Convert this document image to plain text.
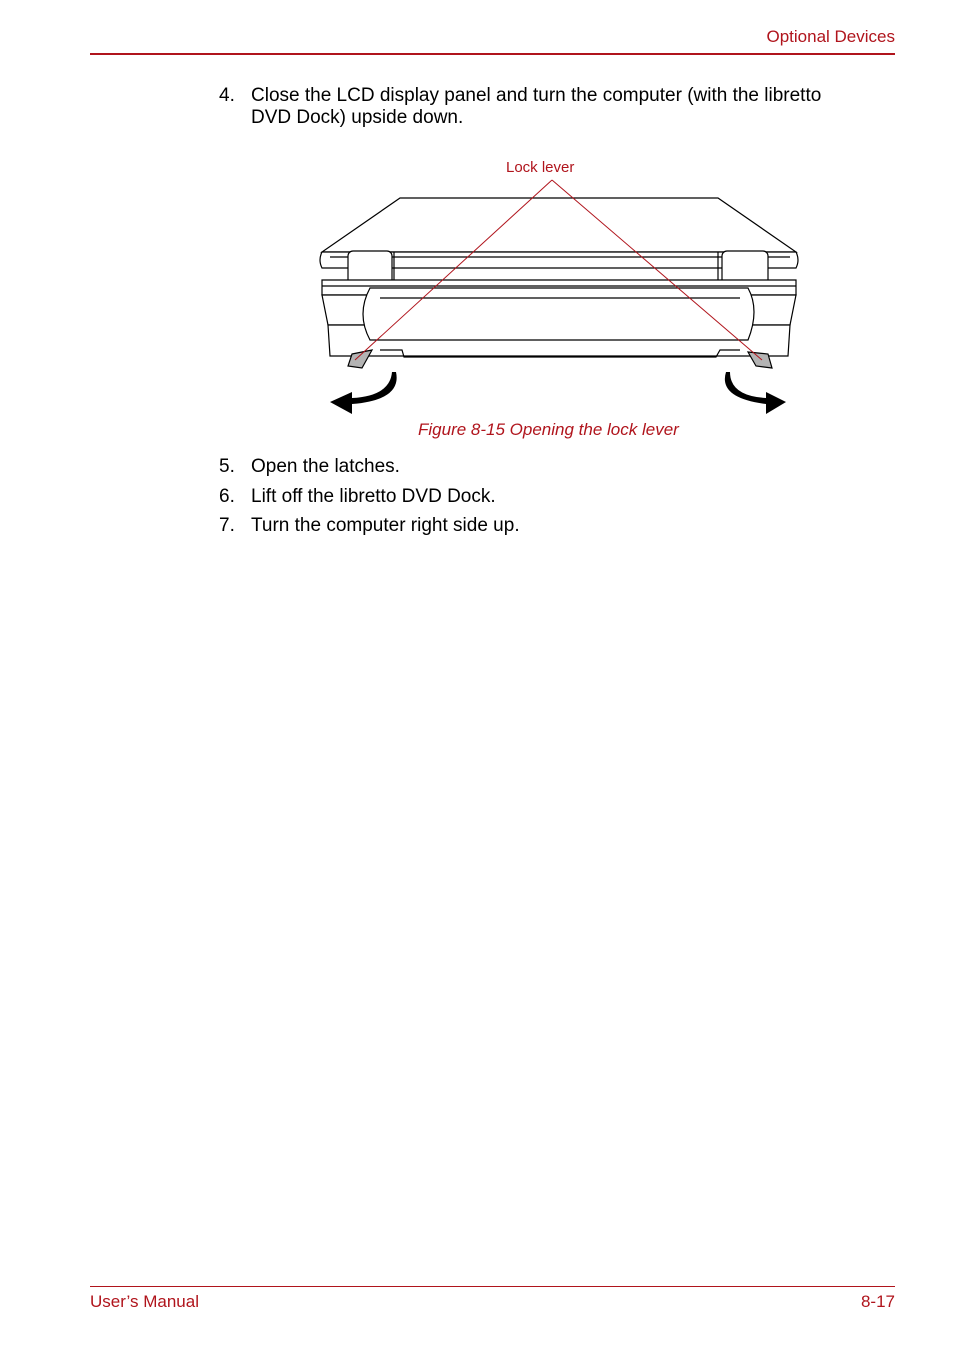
Optional Devices
4. Close the LCD display panel and turn the computer (with the libretto
DVD Dock) upside down.
Lock lever
Figure 8-15 Opening the lock lever
5. Open the latches.
6. Lift off the libretto DVD Dock.
7. Turn the computer right side up.
User’s Manual	8-17
